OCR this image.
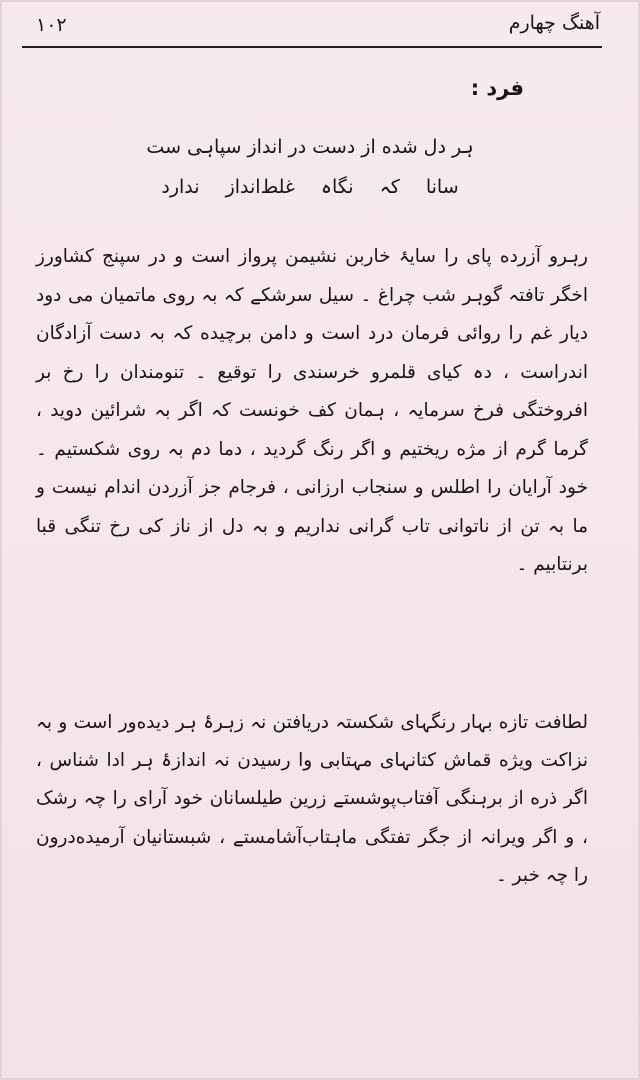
آهنگ چهارم
۱۰۲
فرد :
ہر دل شده از دست در انداز سپاہی ست
سانا کہ نگاہ غلط‌انداز ندارد

رہرو آزرده پای را سایۂ خاربن نشیمن پرواز است و در سپنج کشاورز اخگر تافتہ گوہر شب چراغ ۔ سیل سرشکے کہ بہ روی ماتمیان می دود دیار غم را روائی فرمان درد است و دامن برچیده کہ بہ دست آزادگان اندراست ، دہ کیای قلمرو خرسندی را توقیع ۔ تنومندان را رخ بر افروختگی فرخ سرمایہ ، ہمان کف خونست کہ اگر بہ شرائین دوید ، گرما گرم از مژه ریختیم و اگر رنگ گردید ، دما دم بہ روی شکستیم ۔ خود آرایان را اطلس و سنجاب ارزانی ، فرجام جز آزردن اندام نیست و ما بہ تن از ناتوانی تاب گرانی نداریم و بہ دل از ناز کی رخ تنگی قبا برنتابیم ۔

لطافت تازه بہار رنگہای شکستہ دریافتن نہ زہرۂ ہر دیده‌ور است و بہ نزاکت ویژه قماش کتانہای مہتابی وا رسیدن نہ اندازۂ ہر ادا شناس ، اگر ذره از برہنگی آفتاب‌پوشستے زرین طیلسانان خود آرای را چہ رشک ، و اگر ویرانہ از جگر تفتگی ماہتاب‌آشامستے ، شبستانیان آرمیده‌درون را چہ خبر ۔
